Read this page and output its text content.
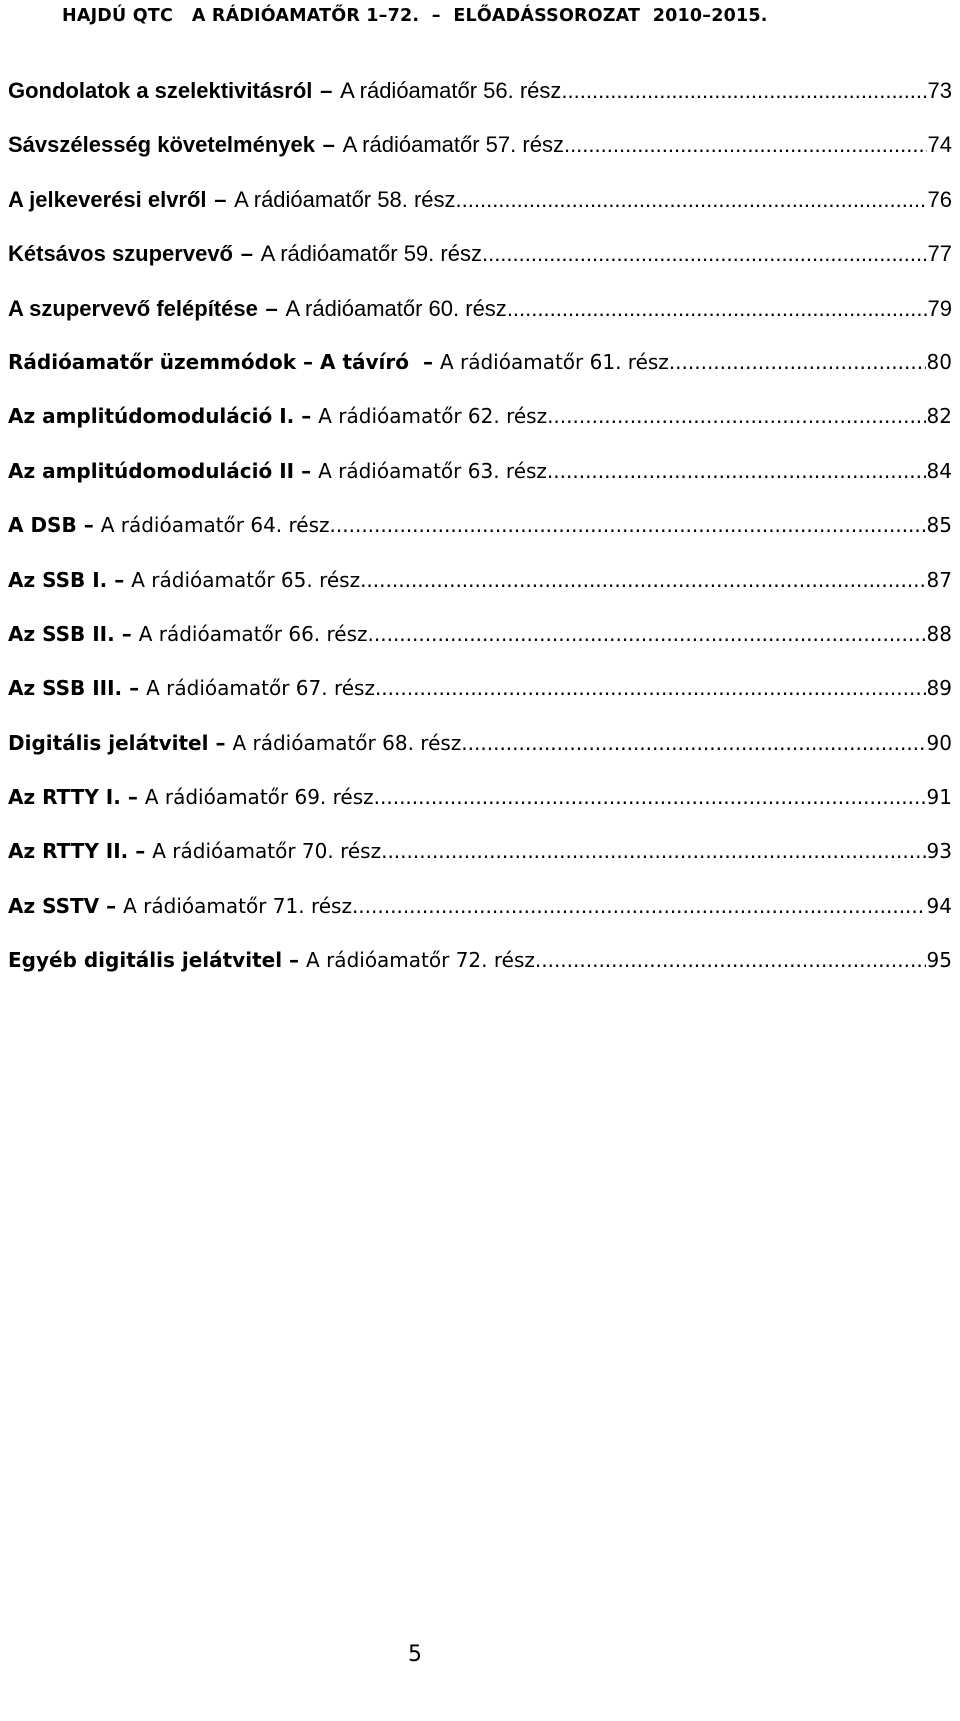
HAJDÚ QTC   A RÁDIÓAMATŐR 1–72.  –  ELŐADÁSSOROZAT  2010–2015.
Gondolatok a szelektivitásról – A rádióamatőr 56. rész .....	73
Sávszélesség követelmények – A rádióamatőr 57. rész .....	74
A jelkeverési elvről – A rádióamatőr 58. rész .....	76
Kétsávos szupervevő – A rádióamatőr 59. rész .....	77
A szupervevő felépítése – A rádióamatőr 60. rész .....	79
Rádióamatőr üzemmódok – A távíró – A rádióamatőr 61. rész .....	80
Az amplitúdomoduláció I. – A rádióamatőr 62. rész .....	82
Az amplitúdomoduláció II – A rádióamatőr 63. rész .....	84
A DSB – A rádióamatőr 64. rész .....	85
Az SSB I. – A rádióamatőr 65. rész .....	87
Az SSB II. – A rádióamatőr 66. rész .....	88
Az SSB III. – A rádióamatőr 67. rész .....	89
Digitális jelátvitel – A rádióamatőr 68. rész .....	90
Az RTTY I. – A rádióamatőr 69. rész .....	91
Az RTTY II. – A rádióamatőr 70. rész .....	93
Az SSTV – A rádióamatőr 71. rész .....	94
Egyéb digitális jelátvitel – A rádióamatőr 72. rész .....	95
5
